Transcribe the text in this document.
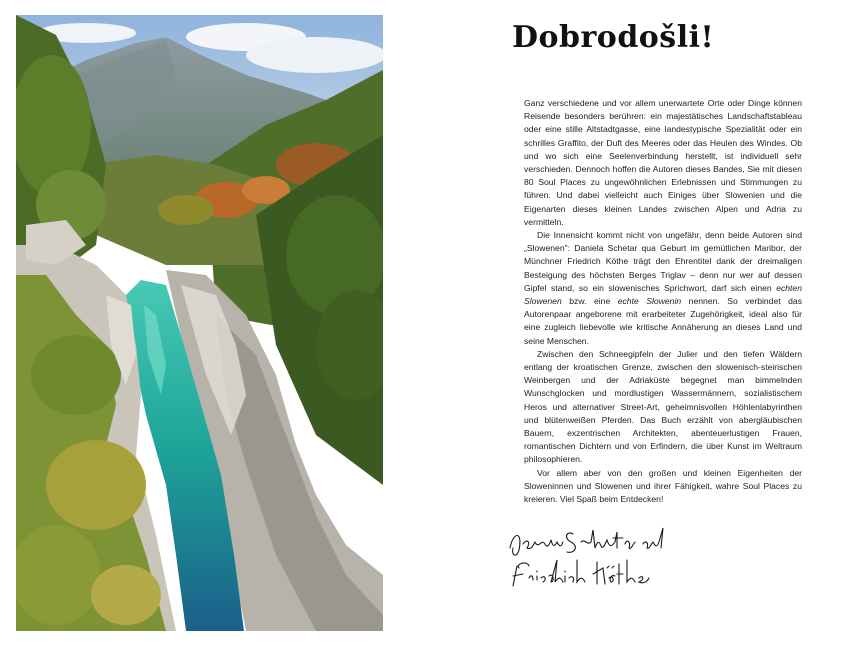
Dobrodošli!

Ganz verschiedene und vor allem unerwartete Orte oder Dinge können Reisende besonders berühren: ein majestätisches Landschaftstableau oder eine stille Altstadtgasse, eine landestypische Spezialität oder ein schrilles Graffito, der Duft des Meeres oder das Heulen des Windes. Ob und wo sich eine Seelenverbindung herstellt, ist individuell sehr verschieden. Dennoch hoffen die Autoren dieses Bandes, Sie mit diesen 80 Soul Places zu ungewöhnlichen Erlebnissen und Stimmungen zu führen. Und dabei vielleicht auch Einiges über Slowenien und die Eigenarten dieses kleinen Landes zwischen Alpen und Adria zu vermitteln.

Die Innensicht kommt nicht von ungefähr, denn beide Autoren sind „Slowenen": Daniela Schetar qua Geburt im gemütlichen Maribor, der Münchner Friedrich Köthe trägt den Ehrentitel dank der dreimaligen Besteigung des höchsten Berges Triglav – denn nur wer auf dessen Gipfel stand, so ein slowenisches Sprichwort, darf sich einen echten Slowenen bzw. eine echte Slowenin nennen. So verbindet das Autorenpaar angeborene mit erarbeiteter Zugehörigkeit, ideal also für eine zugleich liebevolle wie kritische Annäherung an dieses Land und seine Menschen.

Zwischen den Schneegipfeln der Julier und den tiefen Wäldern entlang der kroatischen Grenze, zwischen den slowenisch-steirischen Weinbergen und der Adriaküste begegnet man bimmelnden Wunschglocken und mordlustigen Wassermännern, sozialistischem Heros und alternativer Street-Art, geheimnisvollen Höhlenlabyrinthen und blütenweißen Pferden. Das Buch erzählt von abergläubischen Bauern, exzentrischen Architekten, abenteuerlustigen Frauen, romantischen Dichtern und von Erfindern, die über Kunst im Weltraum philosophieren.

Vor allem aber von den großen und kleinen Eigenheiten der Sloweninnen und Slowenen und ihrer Fähigkeit, wahre Soul Places zu kreieren. Viel Spaß beim Entdecken!
